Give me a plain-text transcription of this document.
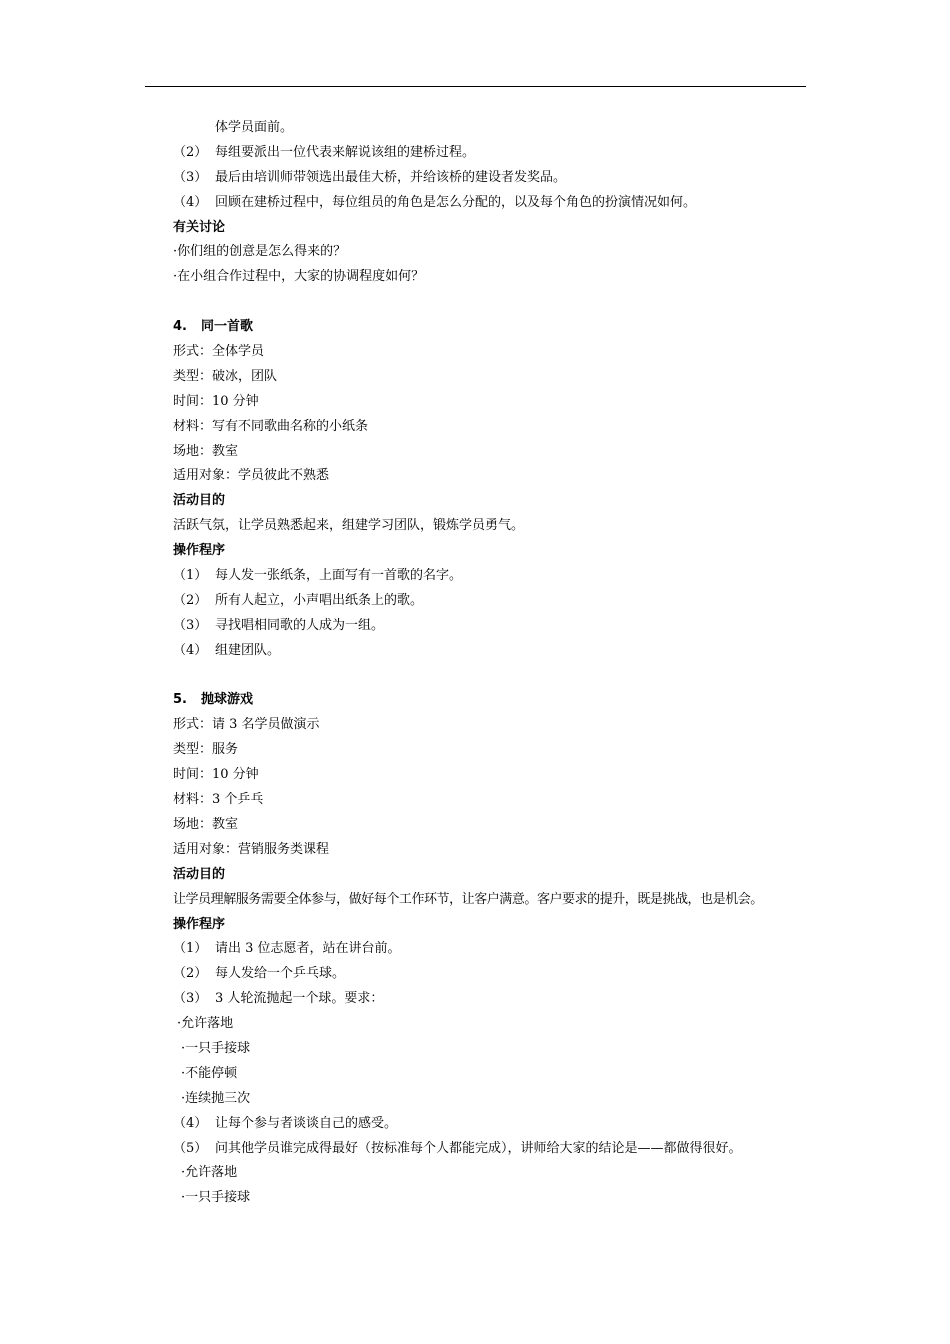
体学员面前。
（2） 每组要派出一位代表来解说该组的建桥过程。
（3） 最后由培训师带领选出最佳大桥，并给该桥的建设者发奖品。
（4） 回顾在建桥过程中，每位组员的角色是怎么分配的，以及每个角色的扮演情况如何。
有关讨论
·你们组的创意是怎么得来的？
·在小组合作过程中，大家的协调程度如何？
4. 同一首歌
形式：全体学员
类型：破冰，团队
时间：10 分钟
材料：写有不同歌曲名称的小纸条
场地：教室
适用对象：学员彼此不熟悉
活动目的
活跃气氛，让学员熟悉起来，组建学习团队，锻炼学员勇气。
操作程序
（1） 每人发一张纸条，上面写有一首歌的名字。
（2） 所有人起立，小声唱出纸条上的歌。
（3） 寻找唱相同歌的人成为一组。
（4） 组建团队。
5. 抛球游戏
形式：请 3 名学员做演示
类型：服务
时间：10 分钟
材料：3 个乒乓
场地：教室
适用对象：营销服务类课程
活动目的
让学员理解服务需要全体参与，做好每个工作环节，让客户满意。客户要求的提升，既是挑战，也是机会。
操作程序
（1） 请出 3 位志愿者，站在讲台前。
（2） 每人发给一个乒乓球。
（3） 3 人轮流抛起一个球。要求：
·允许落地
·一只手接球
·不能停顿
·连续抛三次
（4） 让每个参与者谈谈自己的感受。
（5） 问其他学员谁完成得最好（按标准每个人都能完成），讲师给大家的结论是——都做得很好。
·允许落地
·一只手接球
